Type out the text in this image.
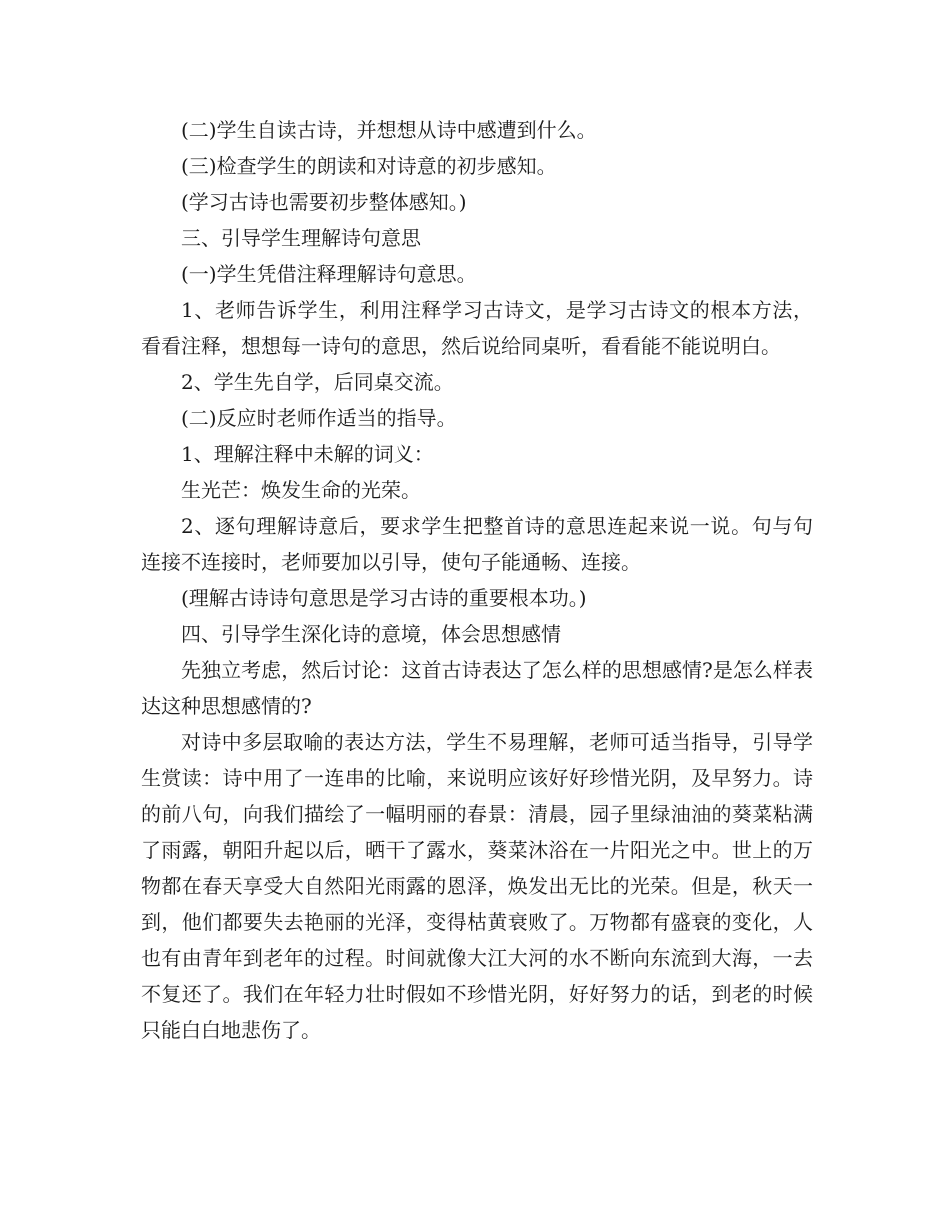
(二)学生自读古诗，并想想从诗中感遭到什么。

(三)检查学生的朗读和对诗意的初步感知。

(学习古诗也需要初步整体感知。)

三、引导学生理解诗句意思

(一)学生凭借注释理解诗句意思。

1、老师告诉学生，利用注释学习古诗文，是学习古诗文的根本方法，看看注释，想想每一诗句的意思，然后说给同桌听，看看能不能说明白。

2、学生先自学，后同桌交流。

(二)反应时老师作适当的指导。

1、理解注释中未解的词义：

生光芒：焕发生命的光荣。

2、逐句理解诗意后，要求学生把整首诗的意思连起来说一说。句与句连接不连接时，老师要加以引导，使句子能通畅、连接。

(理解古诗诗句意思是学习古诗的重要根本功。)

四、引导学生深化诗的意境，体会思想感情

先独立考虑，然后讨论：这首古诗表达了怎么样的思想感情?是怎么样表达这种思想感情的?

对诗中多层取喻的表达方法，学生不易理解，老师可适当指导，引导学生赏读：诗中用了一连串的比喻，来说明应该好好珍惜光阴，及早努力。诗的前八句，向我们描绘了一幅明丽的春景：清晨，园子里绿油油的葵菜粘满了雨露，朝阳升起以后，晒干了露水，葵菜沐浴在一片阳光之中。世上的万物都在春天享受大自然阳光雨露的恩泽，焕发出无比的光荣。但是，秋天一到，他们都要失去艳丽的光泽，变得枯黄衰败了。万物都有盛衰的变化，人也有由青年到老年的过程。时间就像大江大河的水不断向东流到大海，一去不复还了。我们在年轻力壮时假如不珍惜光阴，好好努力的话，到老的时候只能白白地悲伤了。
